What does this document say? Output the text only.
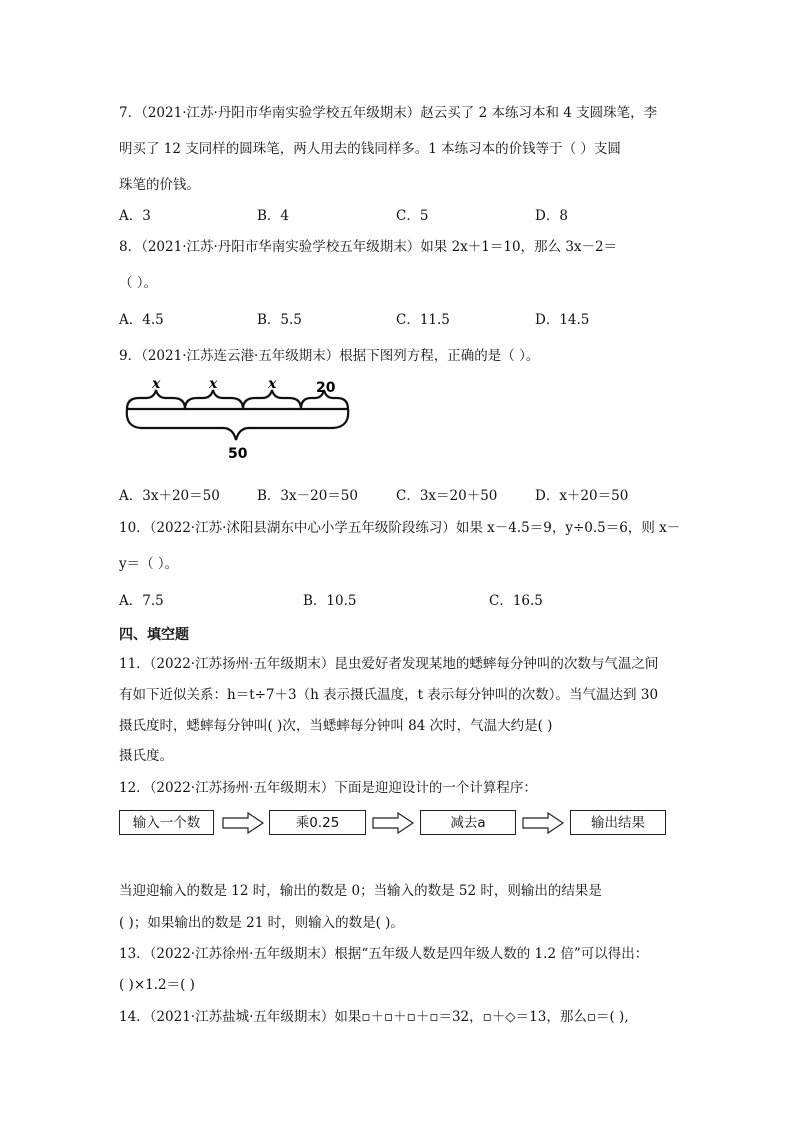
7．（2021·江苏·丹阳市华南实验学校五年级期末）赵云买了 2 本练习本和 4 支圆珠笔，李
明买了 12 支同样的圆珠笔，两人用去的钱同样多。1 本练习本的价钱等于（ ）支圆
珠笔的价钱。
A．3	B．4	C．5	D．8
8．（2021·江苏·丹阳市华南实验学校五年级期末）如果 2x＋1＝10，那么 3x－2＝
（ ）。
A．4.5	B．5.5	C．11.5	D．14.5
9．（2021·江苏连云港·五年级期末）根据下图列方程，正确的是（ ）。
x	x	x	20
50
A．3x＋20＝50	B．3x－20＝50	C．3x＝20＋50	D．x＋20＝50
10．（2022·江苏·沭阳县湖东中心小学五年级阶段练习）如果 x－4.5＝9，y÷0.5＝6，则 x－
y＝（ ）。
A．7.5	B．10.5	C．16.5
四、填空题
11．（2022·江苏扬州·五年级期末）昆虫爱好者发现某地的蟋蟀每分钟叫的次数与气温之间
有如下近似关系：h＝t÷7＋3（h 表示摄氏温度，t 表示每分钟叫的次数）。当气温达到 30
摄氏度时，蟋蟀每分钟叫( )次，当蟋蟀每分钟叫 84 次时，气温大约是( )
摄氏度。
12．（2022·江苏扬州·五年级期末）下面是迎迎设计的一个计算程序：
输入一个数	乘0.25	减去a	输出结果
当迎迎输入的数是 12 时，输出的数是 0；当输入的数是 52 时，则输出的结果是
( )；如果输出的数是 21 时，则输入的数是( )。
13．（2022·江苏徐州·五年级期末）根据“五年级人数是四年级人数的 1.2 倍”可以得出：
( )×1.2＝( )
14．（2021·江苏盐城·五年级期末）如果▫＋▫＋▫＋▫＝32，▫＋◇＝13，那么▫＝( ),
